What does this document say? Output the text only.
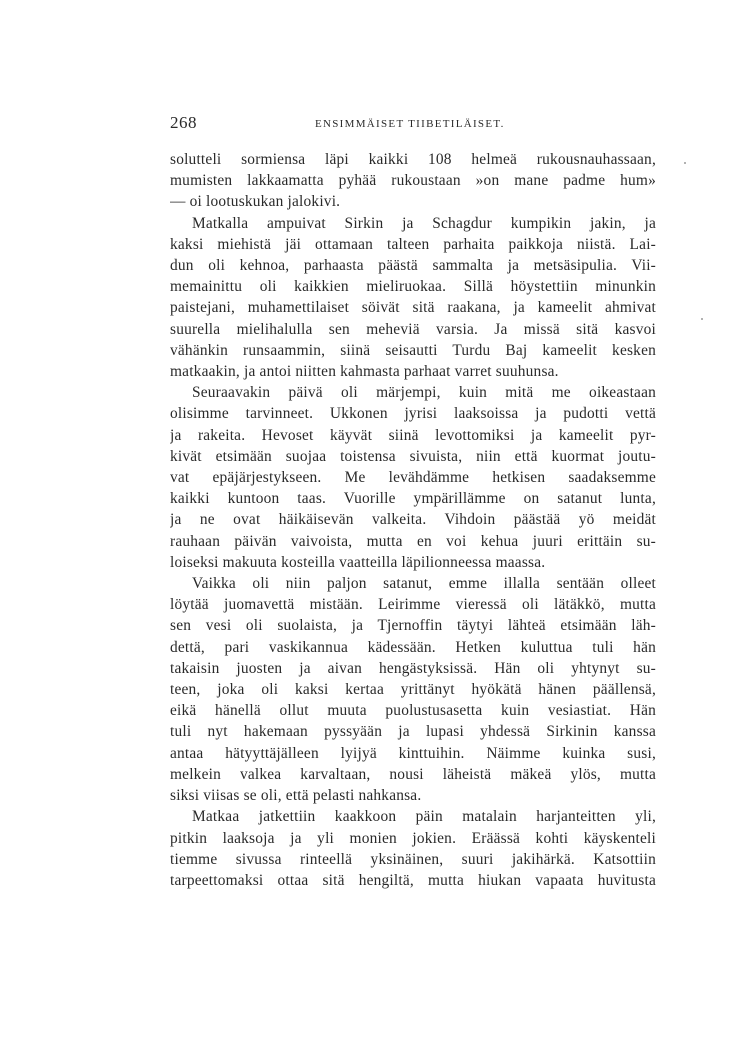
268	ENSIMMÄISET TIIBETILÄISET.

solutteli sormiensa läpi kaikki 108 helmeä rukousnauhassaan,
mumisten lakkaamatta pyhää rukoustaan »on mane padme hum»
— oi lootuskukan jalokivi.

Matkalla ampuivat Sirkin ja Schagdur kumpikin jakin, ja
kaksi miehistä jäi ottamaan talteen parhaita paikkoja niistä. Lai-
dun oli kehnoa, parhaasta päästä sammalta ja metsäsipulia. Vii-
memainittu oli kaikkien mieliruokaa. Sillä höystettiin minunkin
paistejani, muhamettilaiset söivät sitä raakana, ja kameelit ahmivat
suurella mielihalulla sen meheviä varsia. Ja missä sitä kasvoi
vähänkin runsaammin, siinä seisautti Turdu Baj kameelit kesken
matkaakin, ja antoi niitten kahmasta parhaat varret suuhunsa.

Seuraavakin päivä oli märjempi, kuin mitä me oikeastaan
olisimme tarvinneet. Ukkonen jyrisi laaksoissa ja pudotti vettä
ja rakeita. Hevoset käyvät siinä levottomiksi ja kameelit pyr-
kivät etsimään suojaa toistensa sivuista, niin että kuormat joutu-
vat epäjärjestykseen. Me levähdämme hetkisen saadaksemme
kaikki kuntoon taas. Vuorille ympärillämme on satanut lunta,
ja ne ovat häikäisevän valkeita. Vihdoin päästää yö meidät
rauhaan päivän vaivoista, mutta en voi kehua juuri erittäin su-
loiseksi makuuta kosteilla vaatteilla läpilionneessa maassa.

Vaikka oli niin paljon satanut, emme illalla sentään olleet
löytää juomavettä mistään. Leirimme vieressä oli lätäkkö, mutta
sen vesi oli suolaista, ja Tjernoffin täytyi lähteä etsimään läh-
dettä, pari vaskikannua kädessään. Hetken kuluttua tuli hän
takaisin juosten ja aivan hengästyksissä. Hän oli yhtynyt su-
teen, joka oli kaksi kertaa yrittänyt hyökätä hänen päällensä,
eikä hänellä ollut muuta puolustusasetta kuin vesiastiat. Hän
tuli nyt hakemaan pyssyään ja lupasi yhdessä Sirkinin kanssa
antaa hätyyttäjälleen lyijyä kinttuihin. Näimme kuinka susi,
melkein valkea karvaltaan, nousi läheistä mäkeä ylös, mutta
siksi viisas se oli, että pelasti nahkansa.

Matkaa jatkettiin kaakkoon päin matalain harjanteitten yli,
pitkin laaksoja ja yli monien jokien. Eräässä kohti käyskenteli
tiemme sivussa rinteellä yksinäinen, suuri jakihärkä. Katsottiin
tarpeettomaksi ottaa sitä hengiltä, mutta hiukan vapaata huvitusta
